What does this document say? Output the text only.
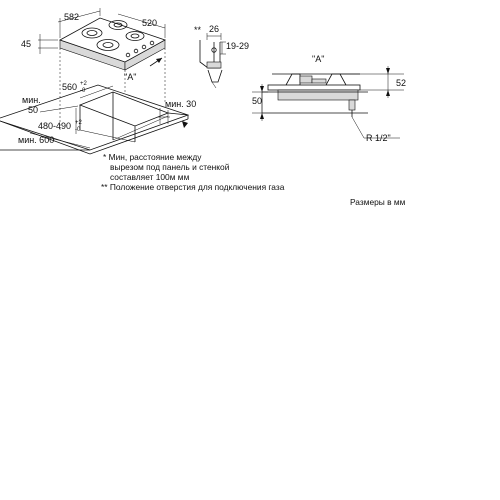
582
520
45
"A"
560 +2
-0
мин.
50
480-490 +2
-0
мин. 600
мин. 30
** 26
19-29
"A"
52
50
R 1/2"
* Мин, расстояние между
вырезом под панель и стенкой
составляет 100м мм
** Положение отверстия для подключения газа
Размеры в мм
